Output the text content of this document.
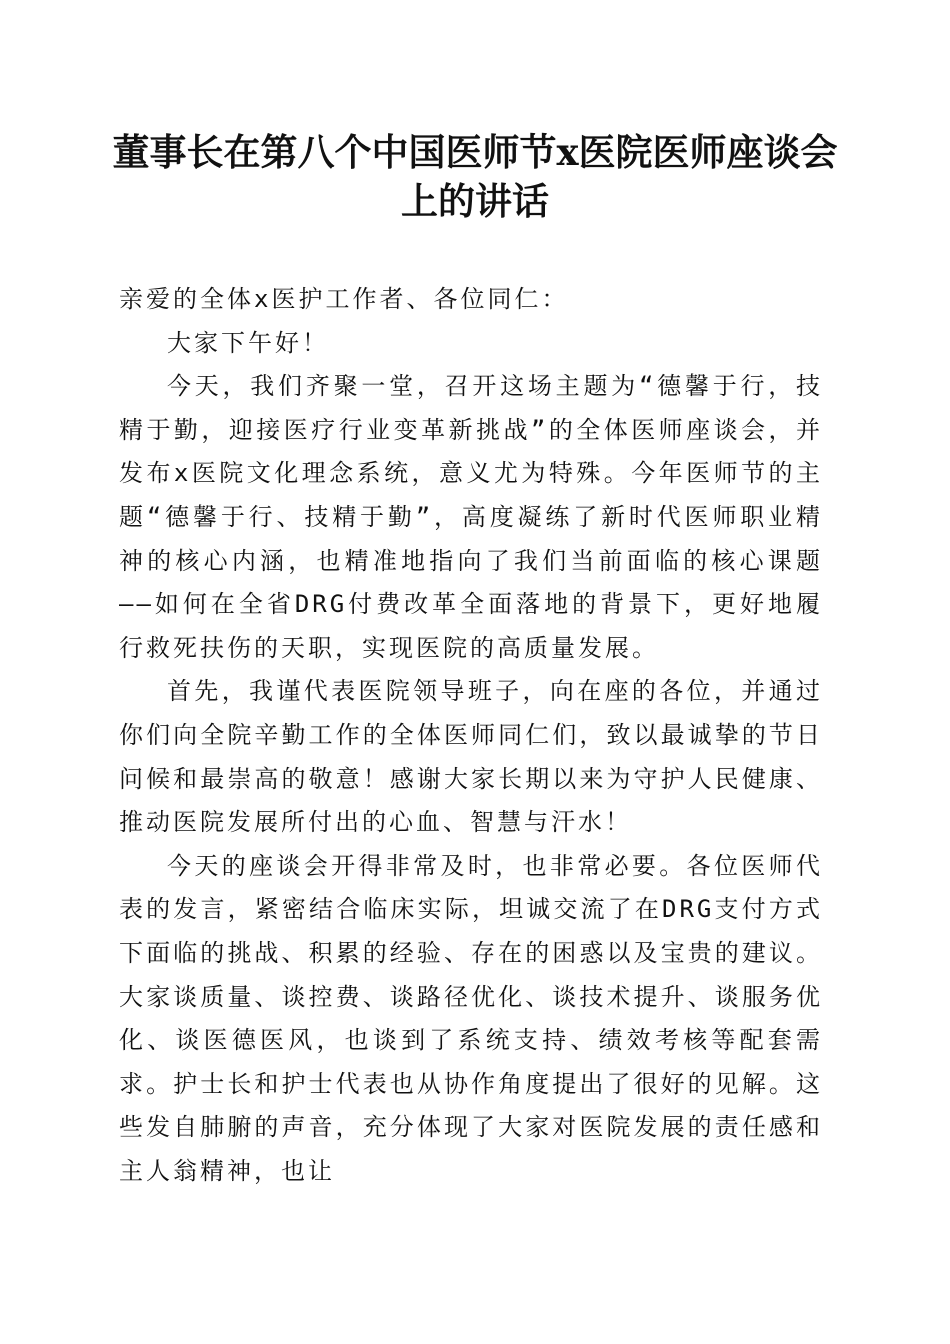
董事长在第八个中国医师节x医院医师座谈会上的讲话

亲爱的全体x医护工作者、各位同仁：

大家下午好！

今天，我们齐聚一堂，召开这场主题为“德馨于行，技精于勤，迎接医疗行业变革新挑战”的全体医师座谈会，并发布x医院文化理念系统，意义尤为特殊。今年医师节的主题“德馨于行、技精于勤”，高度凝练了新时代医师职业精神的核心内涵，也精准地指向了我们当前面临的核心课题——如何在全省DRG付费改革全面落地的背景下，更好地履行救死扶伤的天职，实现医院的高质量发展。

首先，我谨代表医院领导班子，向在座的各位，并通过你们向全院辛勤工作的全体医师同仁们，致以最诚挚的节日问候和最崇高的敬意！感谢大家长期以来为守护人民健康、推动医院发展所付出的心血、智慧与汗水！

今天的座谈会开得非常及时，也非常必要。各位医师代表的发言，紧密结合临床实际，坦诚交流了在DRG支付方式下面临的挑战、积累的经验、存在的困惑以及宝贵的建议。大家谈质量、谈控费、谈路径优化、谈技术提升、谈服务优化、谈医德医风，也谈到了系统支持、绩效考核等配套需求。护士长和护士代表也从协作角度提出了很好的见解。这些发自肺腑的声音，充分体现了大家对医院发展的责任感和主人翁精神，也让
